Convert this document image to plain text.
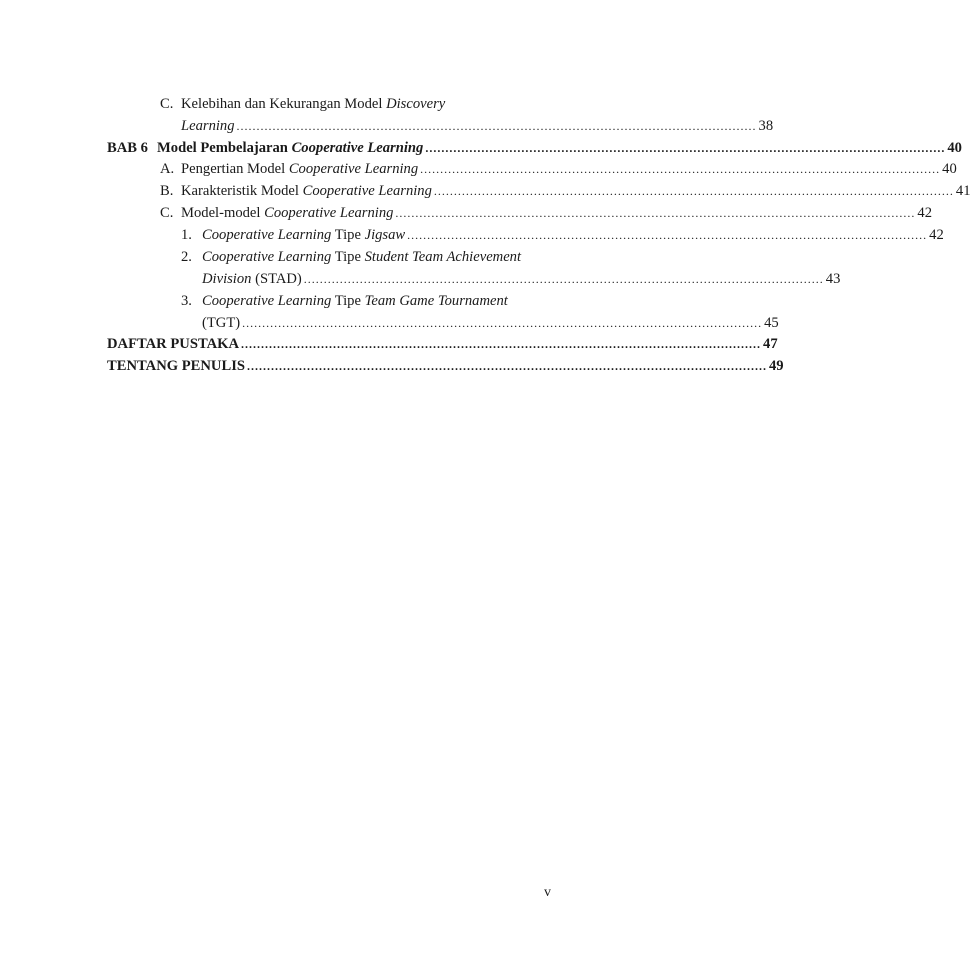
C. Kelebihan dan Kekurangan Model Discovery
Learning .................................................................................................................................. 38
BAB 6 Model Pembelajaran Cooperative Learning .................................................................................................................................. 40
A. Pengertian Model Cooperative Learning .................................................................................................................................. 40
B. Karakteristik Model Cooperative Learning .................................................................................................................................. 41
C. Model-model Cooperative Learning .................................................................................................................................. 42
1. Cooperative Learning Tipe Jigsaw .................................................................................................................................. 42
2. Cooperative Learning Tipe Student Team Achievement
Division (STAD) .................................................................................................................................. 43
3. Cooperative Learning Tipe Team Game Tournament
(TGT) .................................................................................................................................. 45
DAFTAR PUSTAKA .................................................................................................................................. 47
TENTANG PENULIS .................................................................................................................................. 49
v
